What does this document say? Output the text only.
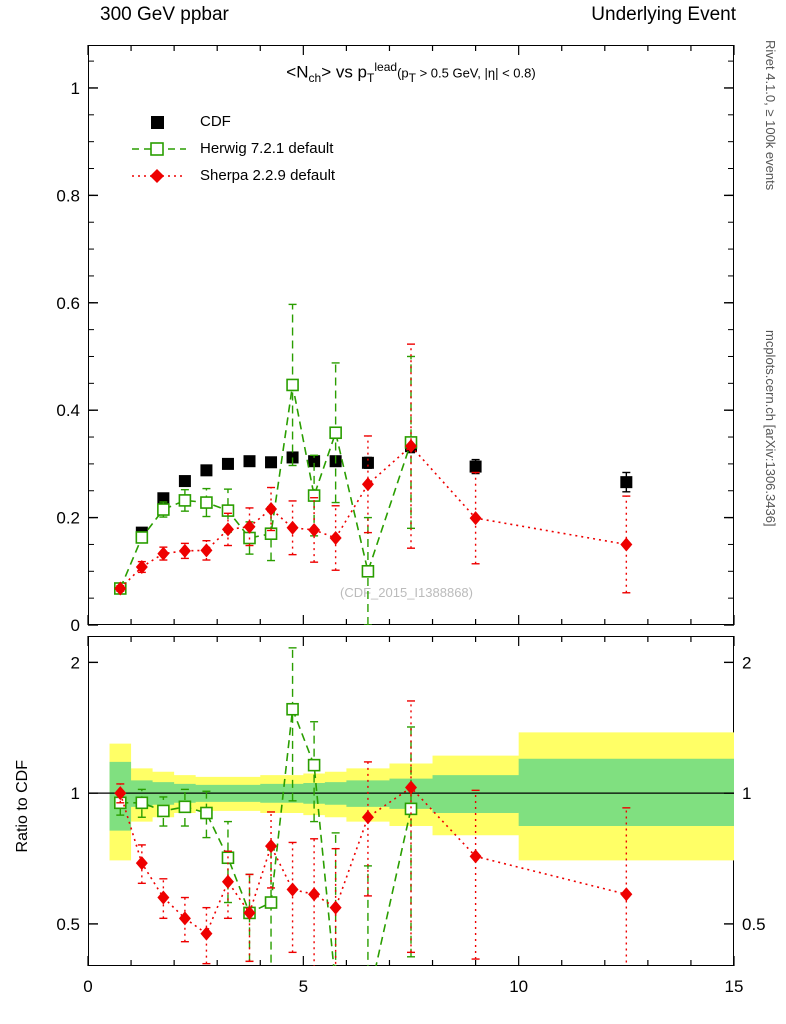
300 GeV ppbar	Underlying Event
Rivet 4.1.0, ≥ 100k events
mcplots.cern.ch [arXiv:1306.3436]
$<N_{ch}>$ vs $p_T^{lead}(p_T > 0.5$ GeV, |η| < 0.8)
CDF
Herwig 7.2.1 default
Sherpa 2.2.9 default
(CDF_2015_I1388868)
Ratio to CDF
0
0.2
0.4
0.6
0.8
1
0.5	0.5
1	1
2	2
0	5	10	15
